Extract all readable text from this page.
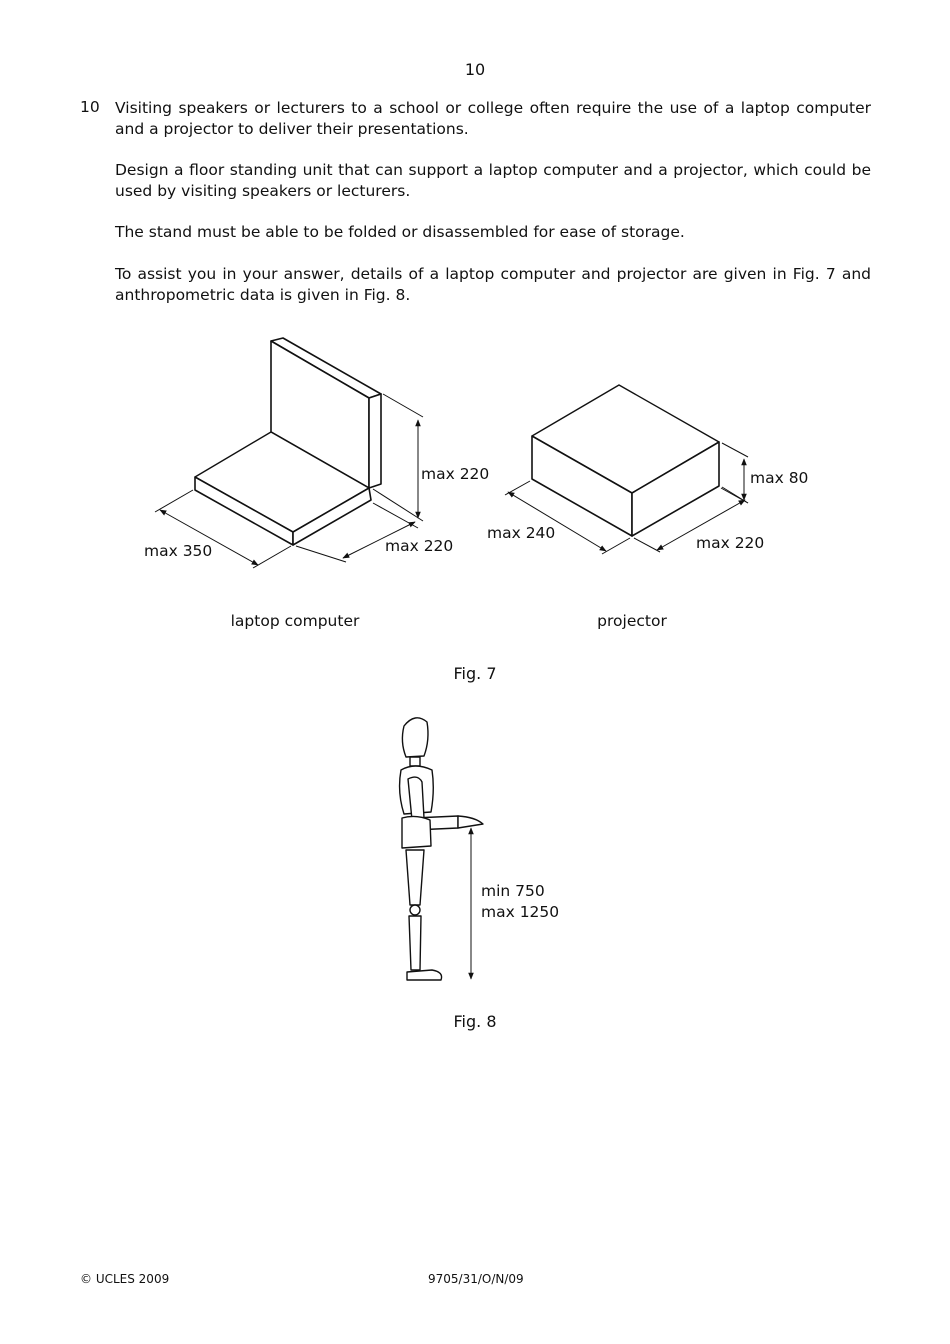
10
10 Visiting speakers or lecturers to a school or college often require the use of a laptop computer and a projector to deliver their presentations.

Design a floor standing unit that can support a laptop computer and a projector, which could be used by visiting speakers or lecturers.

The stand must be able to be folded or disassembled for ease of storage.

To assist you in your answer, details of a laptop computer and projector are given in Fig. 7 and anthropometric data is given in Fig. 8.

max 220
max 350	max 220
max 80
max 240
max 220
laptop computer	projector
Fig. 7
min 750
max 1250
Fig. 8
© UCLES 2009	9705/31/O/N/09
